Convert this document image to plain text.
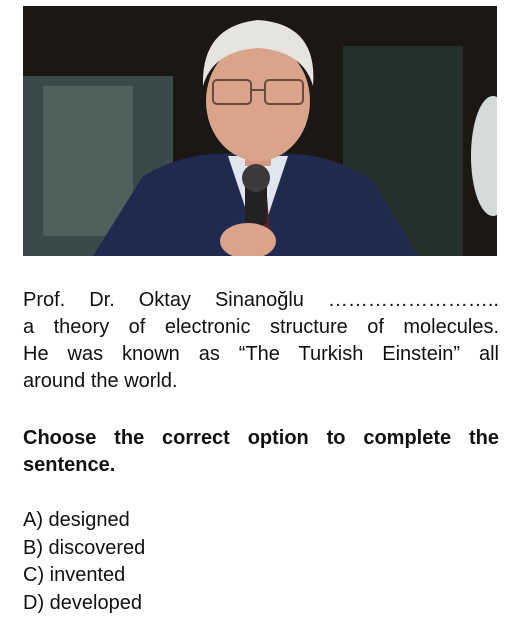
Prof. Dr. Oktay Sinanoğlu ……………………..
a theory of electronic structure of molecules.
He was known as “The Turkish Einstein” all
around the world.
Choose the correct option to complete the
sentence.
A) designed
B) discovered
C) invented
D) developed
